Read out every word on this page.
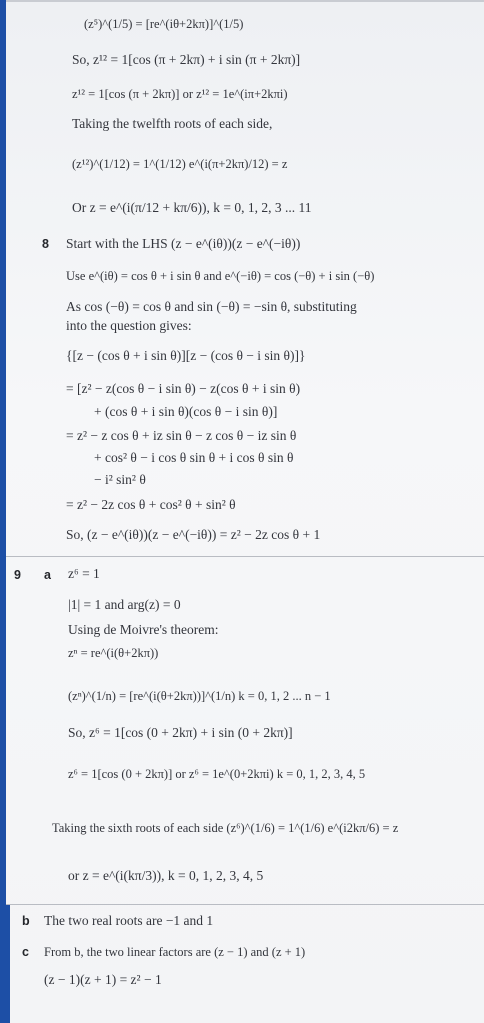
(z⁵)^(1/5) = [re^(iθ+2kπ)]^(1/5)
So, z¹² = 1[cos (π + 2kπ) + i sin (π + 2kπ)]
z¹² = 1[cos (π + 2kπ)] or z¹² = 1e^(iπ+2kπi)
Taking the twelfth roots of each side,
(z¹²)^(1/12) = 1^(1/12) e^(i(π+2kπ)/12) = z
Or z = e^(i(π/12 + kπ/6)), k = 0, 1, 2, 3 ... 11
8 Start with the LHS (z − e^(iθ))(z − e^(−iθ))
Use e^(iθ) = cos θ + i sin θ and e^(−iθ) = cos (−θ) + i sin (−θ)
As cos (−θ) = cos θ and sin (−θ) = −sin θ, substituting
into the question gives:
{[z − (cos θ + i sin θ)][z − (cos θ − i sin θ)]}
= [z² − z(cos θ − i sin θ) − z(cos θ + i sin θ)
+ (cos θ + i sin θ)(cos θ − i sin θ)]
= z² − z cos θ + iz sin θ − z cos θ − iz sin θ
+ cos² θ − i cos θ sin θ + i cos θ sin θ
− i² sin² θ
= z² − 2z cos θ + cos² θ + sin² θ
So, (z − e^(iθ))(z − e^(−iθ)) = z² − 2z cos θ + 1
9 a z⁶ = 1
|1| = 1 and arg(z) = 0
Using de Moivre's theorem:
zⁿ = re^(i(θ+2kπ))
(zⁿ)^(1/n) = [re^(i(θ+2kπ))]^(1/n) k = 0, 1, 2 ... n − 1
So, z⁶ = 1[cos (0 + 2kπ) + i sin (0 + 2kπ)]
z⁶ = 1[cos (0 + 2kπ)] or z⁶ = 1e^(0+2kπi) k = 0, 1, 2, 3, 4, 5
Taking the sixth roots of each side (z⁶)^(1/6) = 1^(1/6) e^(i2kπ/6) = z
or z = e^(i(kπ/3)), k = 0, 1, 2, 3, 4, 5
b The two real roots are −1 and 1
c From b, the two linear factors are (z − 1) and (z + 1)
(z − 1)(z + 1) = z² − 1
